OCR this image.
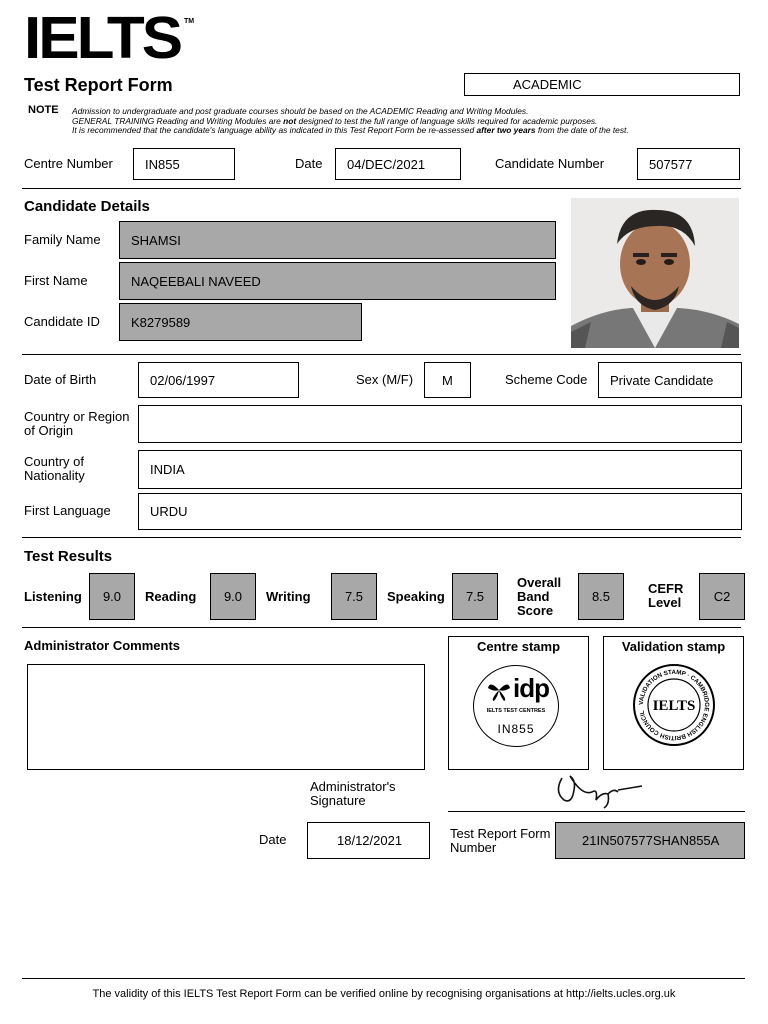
IELTS TM
Test Report Form	ACADEMIC
NOTE Admission to undergraduate and post graduate courses should be based on the ACADEMIC Reading and Writing Modules.
GENERAL TRAINING Reading and Writing Modules are not designed to test the full range of language skills required for academic purposes.
It is recommended that the candidate's language ability as indicated in this Test Report Form be re-assessed after two years from the date of the test.
Centre Number	IN855	Date	04/DEC/2021	Candidate Number	507577
Candidate Details
Family Name	SHAMSI
First Name	NAQEEBALI NAVEED
Candidate ID	K8279589
Date of Birth	02/06/1997	Sex (M/F)	M	Scheme Code	Private Candidate
Country or Region
of Origin
Country of
Nationality	INDIA
First Language	URDU
Test Results
Listening	9.0	Reading	9.0	Writing	7.5	Speaking	7.5
Overall
Band
Score
8.5
CEFR
Level	C2
Administrator Comments	Centre stamp
idp
IELTS TEST CENTRES
IN855
Validation stamp
VALIDATION STAMP · CAMBRIDGE ENGLISH BRITISH COUNCIL IELTS
Administrator's
Signature
Date	18/12/2021	Test Report Form
Number	21IN507577SHAN855A
The validity of this IELTS Test Report Form can be verified online by recognising organisations at http://ielts.ucles.org.uk
